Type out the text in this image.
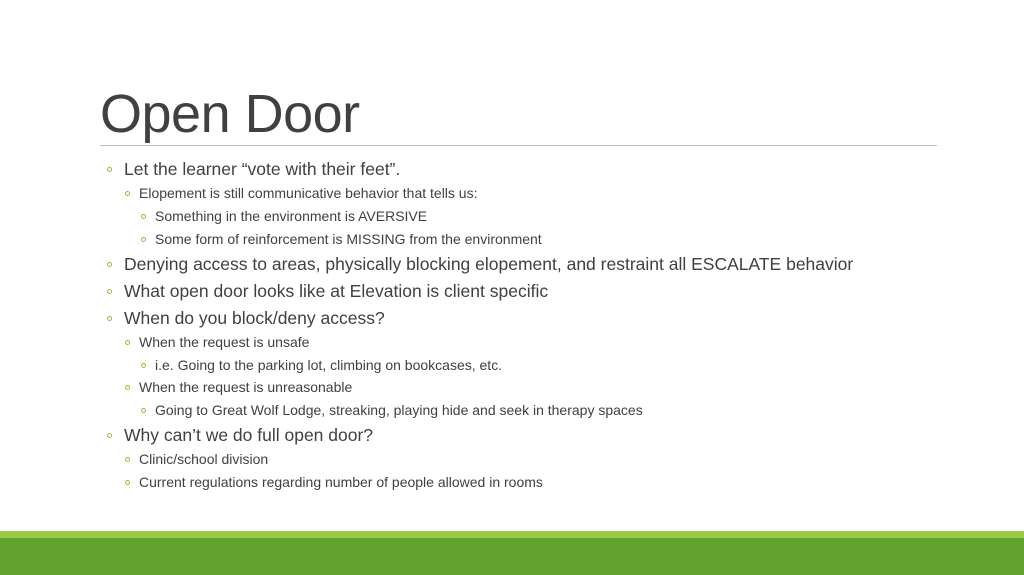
Open Door
Let the learner “vote with their feet”.
Elopement is still communicative behavior that tells us:
Something in the environment is AVERSIVE
Some form of reinforcement is MISSING from the environment
Denying access to areas, physically blocking elopement, and restraint all ESCALATE behavior
What open door looks like at Elevation is client specific
When do you block/deny access?
When the request is unsafe
i.e. Going to the parking lot, climbing on bookcases, etc.
When the request is unreasonable
Going to Great Wolf Lodge, streaking, playing hide and seek in therapy spaces
Why can’t we do full open door?
Clinic/school division
Current regulations regarding number of people allowed in rooms
